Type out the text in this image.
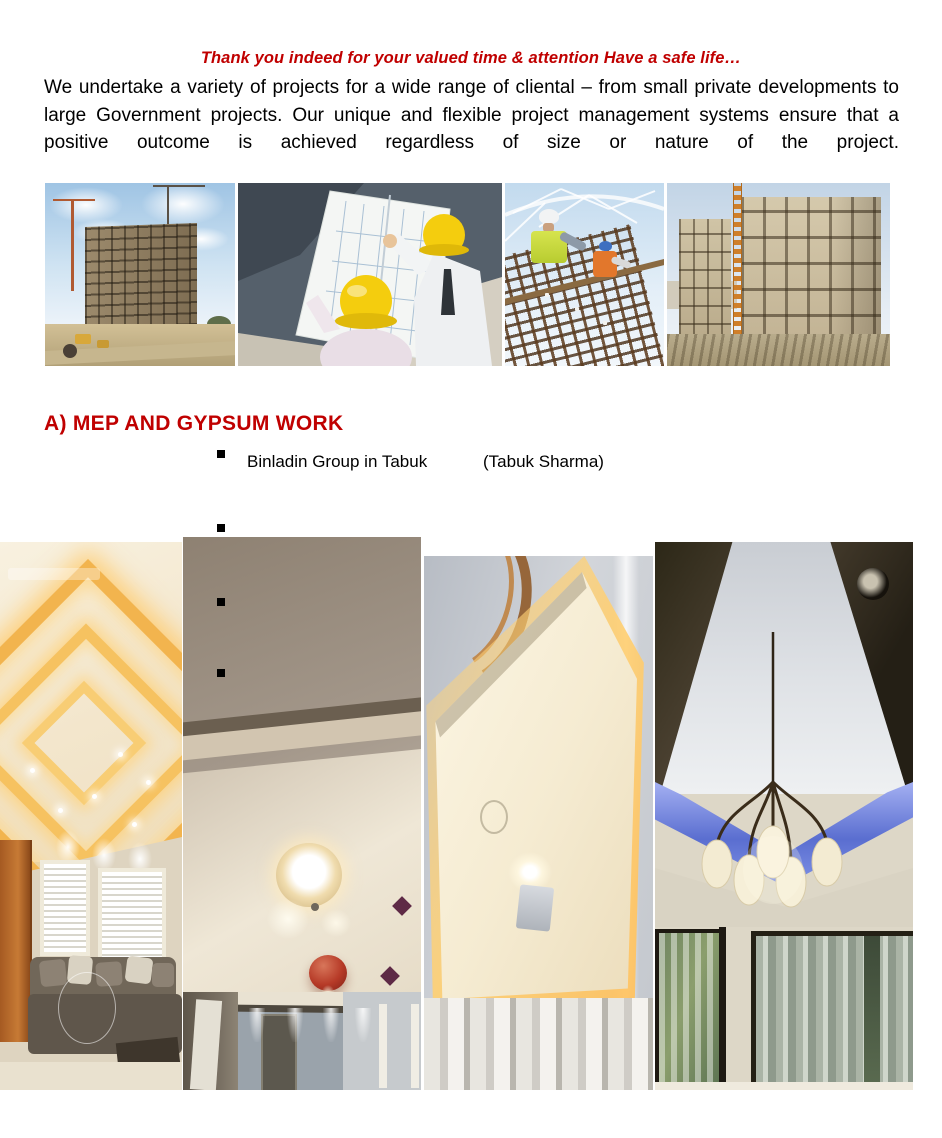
Thank you indeed for your valued time & attention Have a safe life…

We undertake a variety of projects for a wide range of cliental – from small private developments to large Government projects. Our unique and flexible project management systems ensure that a positive outcome is achieved regardless of size or nature of the project.

A) MEP AND GYPSUM WORK
Binladin Group in Tabuk	(Tabuk Sharma)
